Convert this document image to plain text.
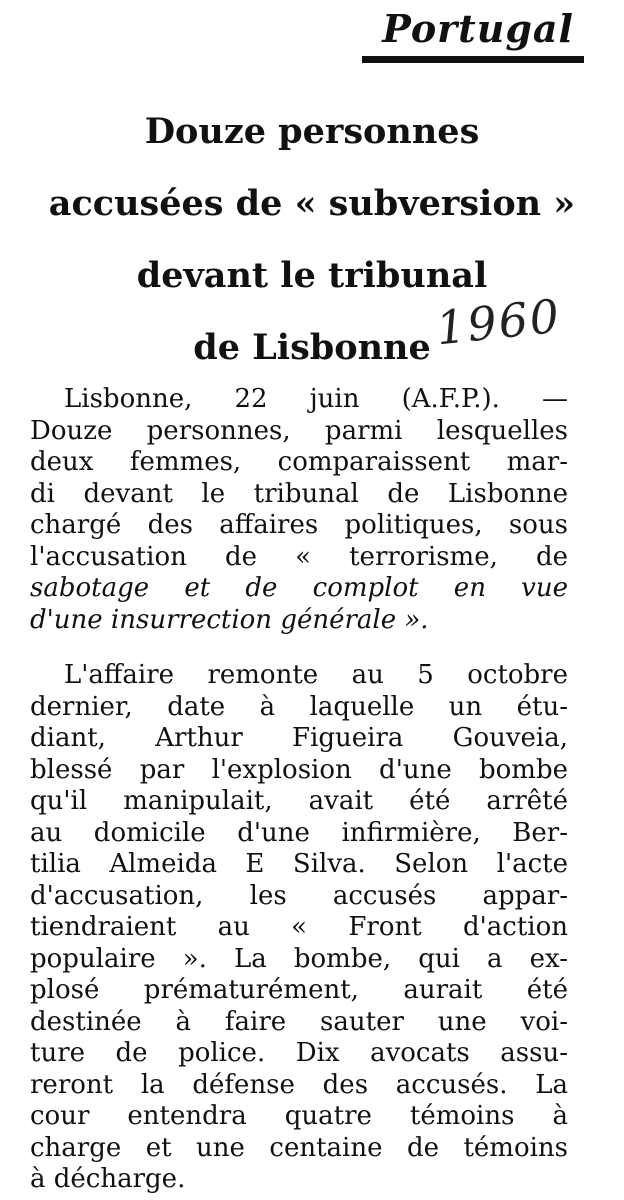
Portugal
Douze personnes
accusées de « subversion »
devant le tribunal
de Lisbonne 1960
Lisbonne, 22 juin (A.F.P.). —
Douze personnes, parmi lesquelles
deux femmes, comparaissent mar-
di devant le tribunal de Lisbonne
chargé des affaires politiques, sous
l'accusation de « terrorisme, de
sabotage et de complot en vue
d'une insurrection générale ».
L'affaire remonte au 5 octobre
dernier, date à laquelle un étu-
diant, Arthur Figueira Gouveia,
blessé par l'explosion d'une bombe
qu'il manipulait, avait été arrêté
au domicile d'une infirmière, Ber-
tilia Almeida E Silva. Selon l'acte
d'accusation, les accusés appar-
tiendraient au « Front d'action
populaire ». La bombe, qui a ex-
plosé prématurément, aurait été
destinée à faire sauter une voi-
ture de police. Dix avocats assu-
reront la défense des accusés. La
cour entendra quatre témoins à
charge et une centaine de témoins
à décharge.
